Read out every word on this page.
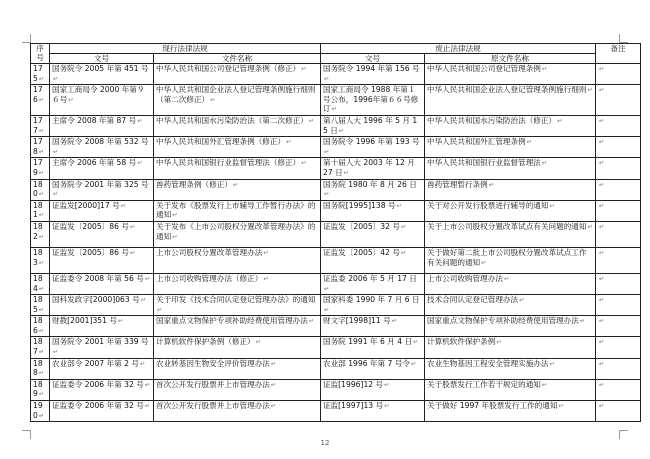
序号	现行法律法规		废止法律法规		备注
	文号	文件名称	文号	原文件名称	
175↵	国务院令 2005 年第 451 号↵	中华人民共和国公司登记管理条例（修正）↵	国务院令 1994 年第 156 号↵	中华人民共和国公司登记管理条例↵	↵
176↵	国家工商局令 2000 年第９６号↵	中华人民共和国企业法人登记管理条例施行细则（第二次修正）↵	国家工商局令 1988 年第１号公布，1996年第６６号修订↵	中华人民共和国企业法人登记管理条例施行细则↵	↵
177↵	主席令 2008 年第 87 号↵	中华人民共和国水污染防治法（第二次修正）↵	第八届人大 1996 年 5 月 15 日↵	中华人民共和国水污染防治法（修正）↵	↵
178↵	国务院令 2008 年第 532 号↵	中华人民共和国外汇管理条例（修正）↵	国务院令 1996 年第 193 号↵	中华人民共和国外汇管理条例↵	↵
179↵	主席令 2006 年第 58 号↵	中华人民共和国银行业监督管理法（修正）↵	第十届人大 2003 年 12 月 27 日↵	中华人民共和国银行业监督管理法↵	↵
180↵	国务院令 2001 年第 325 号↵	兽药管理条例（修正）↵	国务院 1980 年 8 月 26 日↵	兽药管理暂行条例↵	↵
181↵	证监发[2000]17 号↵	关于发布《股票发行上市辅导工作暂行办法》的通知↵	国务院[1995]138 号↵	关于对公开发行股票进行辅导的通知↵	↵
182↵	证监发〔2005〕86 号↵	关于发布《上市公司股权分置改革管理办法》的通知↵	证监发〔2005〕32 号↵	关于上市公司股权分置改革试点有关问题的通知↵	↵
183↵	证监发〔2005〕86 号↵	上市公司股权分置改革管理办法↵	证监发〔2005〕42 号↵	关于做好第二批上市公司股权分置改革试点工作有关问题的通知↵	↵
184↵	证监委令 2008 年第 56 号↵	上市公司收购管理办法（修正）↵	证监委 2006 年 5 月 17 日↵	上市公司收购管理办法↵	↵
185↵	国科发政字[2000]063 号↵	关于印发《技术合同认定登记管理办法》的通知↵	国家科委 1990 年 7 月 6 日↵	技术合同认定登记管理办法↵	↵
186↵	财教[2001]351 号↵	国家重点文物保护专项补助经费使用管理办法↵	财文字[1998]11 号↵	国家重点文物保护专项补助经费使用管理办法↵	↵
187↵	国务院令 2001 年第 339 号↵	计算机软件保护条例（修正）↵	国务院 1991 年 6 月 4 日↵	计算机软件保护条例↵	↵
188↵	农业部令 2007 年第 2 号↵	农业转基因生物安全评价管理办法↵	农业部 1996 年第 7 号令↵	农业生物基因工程安全管理实施办法↵	↵
189↵	证监委令 2006 年第 32 号↵	首次公开发行股票并上市管理办法↵	证监[1996]12 号↵	关于股票发行工作若干规定的通知↵	↵
190↵	证监委令 2006 年第 32 号↵	首次公开发行股票并上市管理办法↵	证监[1997]13 号↵	关于做好 1997 年股票发行工作的通知↵	↵
12
